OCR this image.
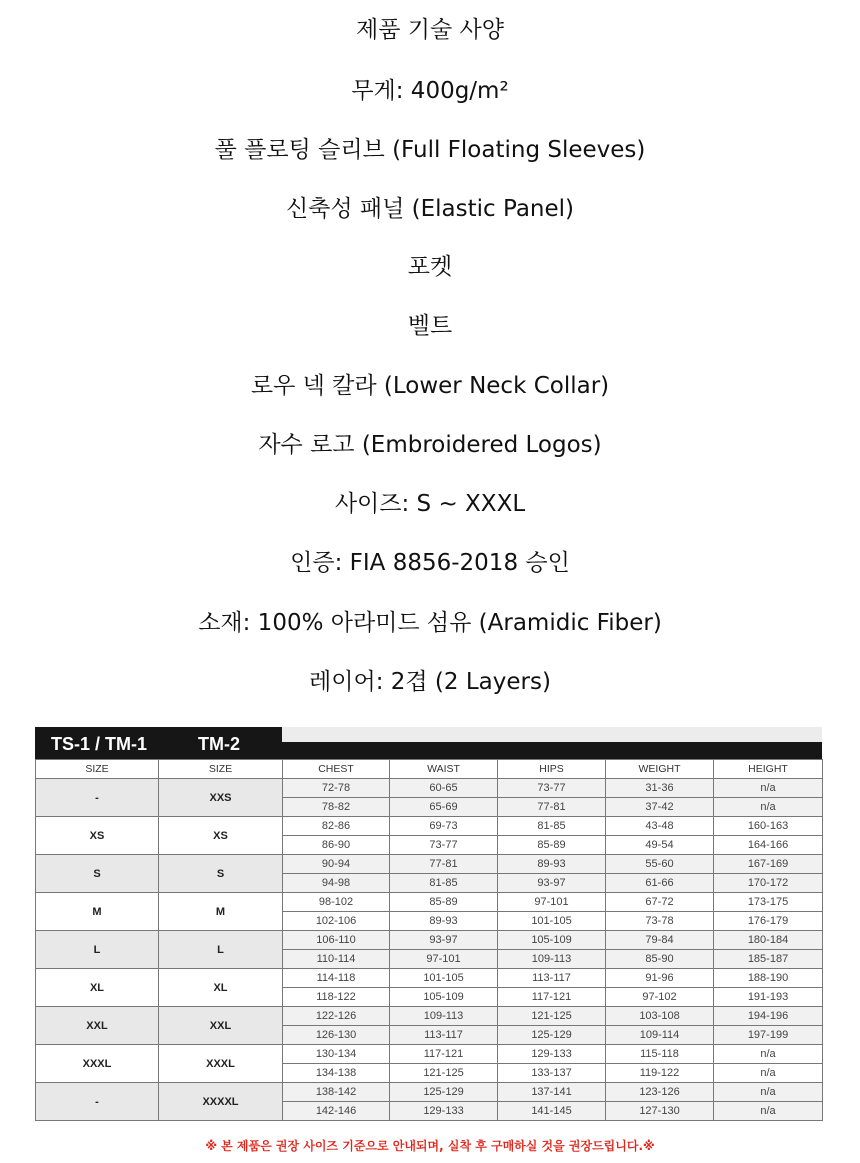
제품 기술 사양
무게: 400g/m²
풀 플로팅 슬리브 (Full Floating Sleeves)
신축성 패널 (Elastic Panel)
포켓
벨트
로우 넥 칼라 (Lower Neck Collar)
자수 로고 (Embroidered Logos)
사이즈: S ~ XXXL
인증: FIA 8856-2018 승인
소재: 100% 아라미드 섬유 (Aramidic Fiber)
레이어: 2겹 (2 Layers)
TS-1 / TM-1	TM-2
SIZE	SIZE	CHEST	WAIST	HIPS	WEIGHT	HEIGHT
-	XXS	72-78	60-65	73-77	31-36	n/a
		78-82	65-69	77-81	37-42	n/a
XS	XS	82-86	69-73	81-85	43-48	160-163
		86-90	73-77	85-89	49-54	164-166
S	S	90-94	77-81	89-93	55-60	167-169
		94-98	81-85	93-97	61-66	170-172
M	M	98-102	85-89	97-101	67-72	173-175
		102-106	89-93	101-105	73-78	176-179
L	L	106-110	93-97	105-109	79-84	180-184
		110-114	97-101	109-113	85-90	185-187
XL	XL	114-118	101-105	113-117	91-96	188-190
		118-122	105-109	117-121	97-102	191-193
XXL	XXL	122-126	109-113	121-125	103-108	194-196
		126-130	113-117	125-129	109-114	197-199
XXXL	XXXL	130-134	117-121	129-133	115-118	n/a
		134-138	121-125	133-137	119-122	n/a
-	XXXXL	138-142	125-129	137-141	123-126	n/a
		142-146	129-133	141-145	127-130	n/a
※ 본 제품은 권장 사이즈 기준으로 안내되며, 실착 후 구매하실 것을 권장드립니다.※
